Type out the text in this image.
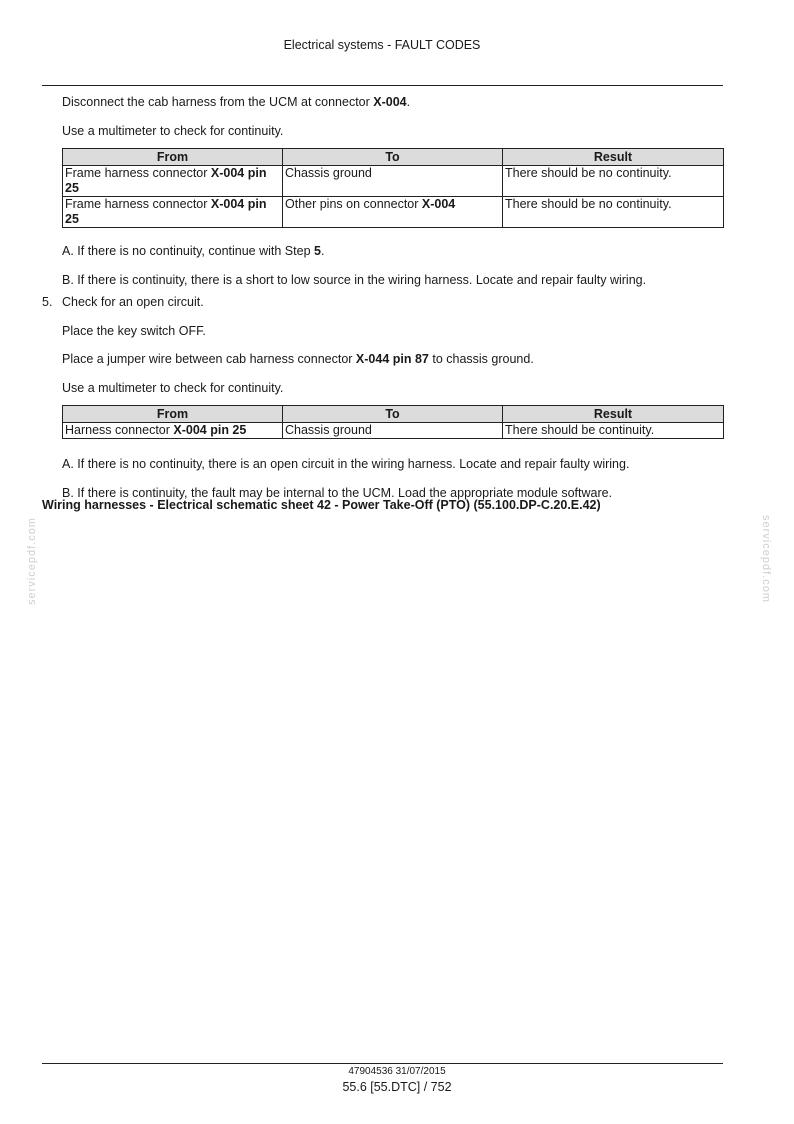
Electrical systems - FAULT CODES
Disconnect the cab harness from the UCM at connector X-004.
Use a multimeter to check for continuity.
From	To	Result
Frame harness connector X-004 pin 25	Chassis ground	There should be no continuity.
Frame harness connector X-004 pin 25	Other pins on connector X-004	There should be no continuity.
A. If there is no continuity, continue with Step 5.
B. If there is continuity, there is a short to low source in the wiring harness. Locate and repair faulty wiring.
5. Check for an open circuit.
Place the key switch OFF.
Place a jumper wire between cab harness connector X-044 pin 87 to chassis ground.
Use a multimeter to check for continuity.
From	To	Result
Harness connector X-004 pin 25	Chassis ground	There should be continuity.
A. If there is no continuity, there is an open circuit in the wiring harness. Locate and repair faulty wiring.
B. If there is continuity, the fault may be internal to the UCM. Load the appropriate module software.
Wiring harnesses - Electrical schematic sheet 42 - Power Take-Off (PTO) (55.100.DP-C.20.E.42)
servicepdf.com	servicepdf.com
47904536 31/07/2015
55.6 [55.DTC] / 752
